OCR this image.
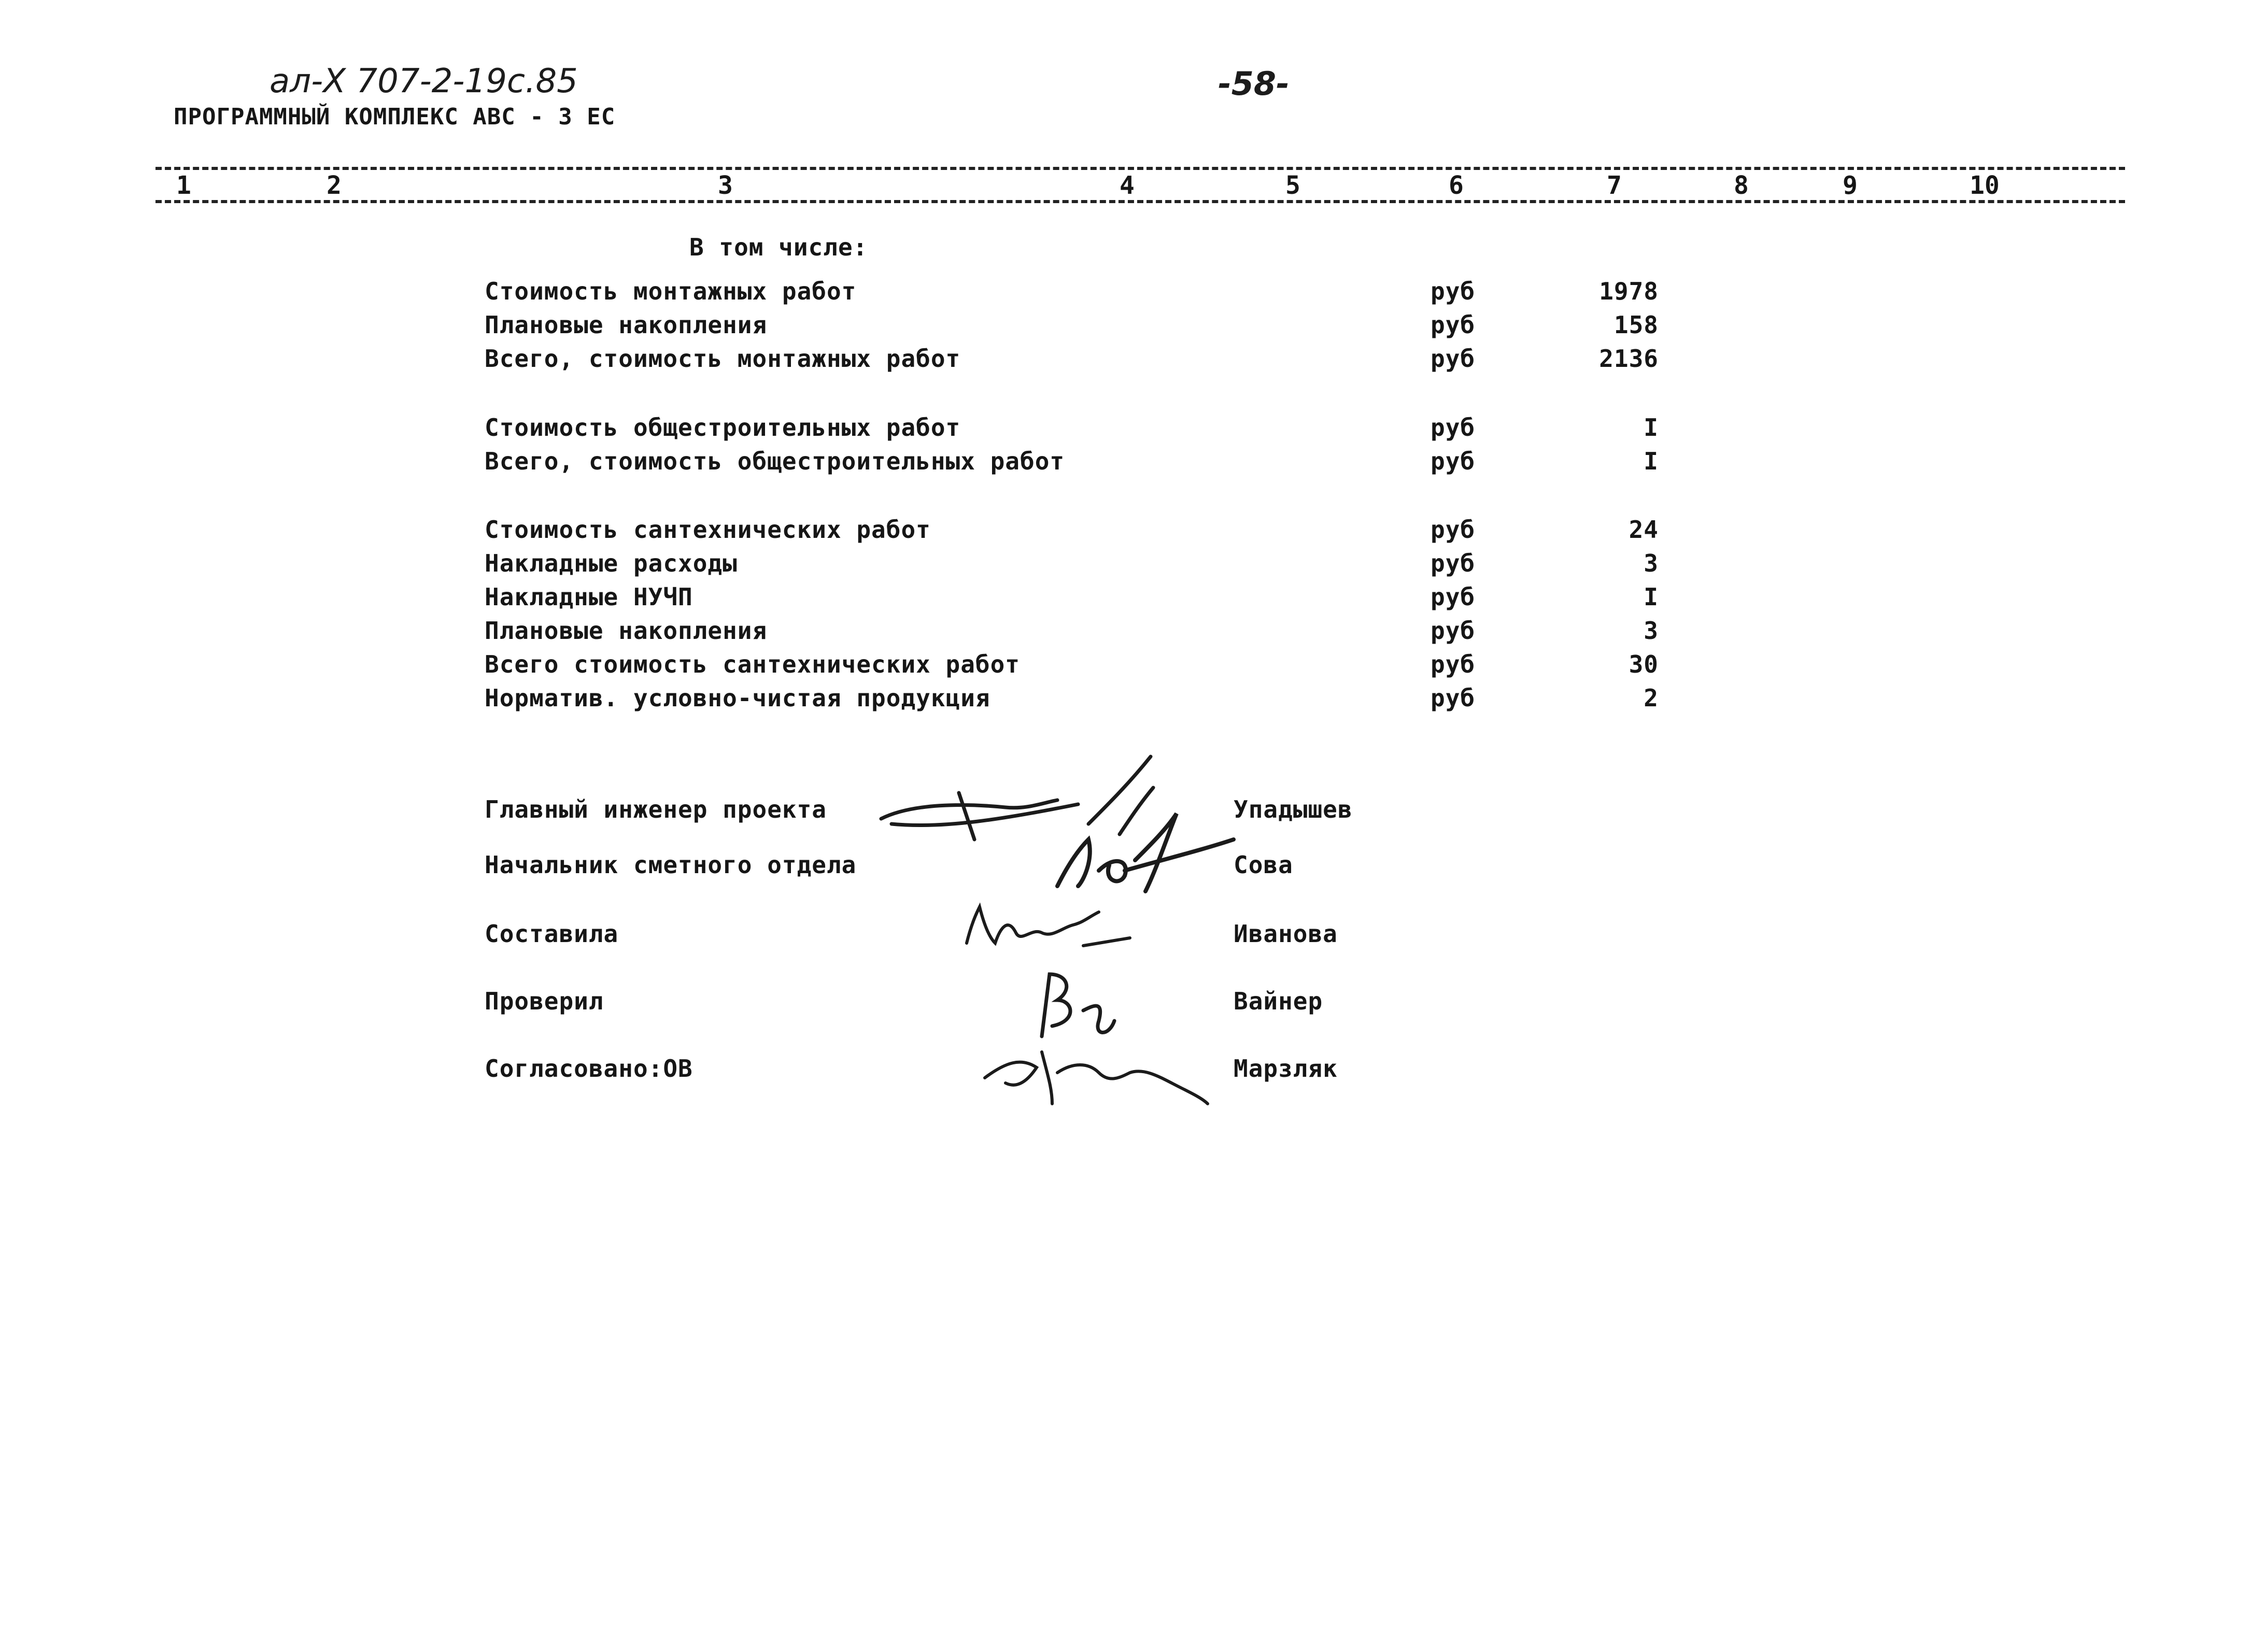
ал-Х 707-2-19с.85
ПРОГРАММНЫЙ КОМПЛЕКС АВС - 3 ЕС
-58-
1	2	3	4	5	6	7	8	9	10
В том числе:
Стоимость монтажных работ	руб	1978
Плановые накопления	руб	158
Всего, стоимость монтажных работ	руб	2136
Стоимость общестроительных работ	руб	I
Всего, стоимость общестроительных работ	руб	I
Стоимость сантехнических работ	руб	24
Накладные расходы	руб	3
Накладные НУЧП	руб	I
Плановые накопления	руб	3
Всего стоимость сантехнических работ	руб	30
Норматив. условно-чистая продукция	руб	2
Главный инженер проекта	Упадышев
Начальник сметного отдела	Сова
Составила	Иванова
Проверил	Вайнер
Согласовано:ОВ	Марзляк
